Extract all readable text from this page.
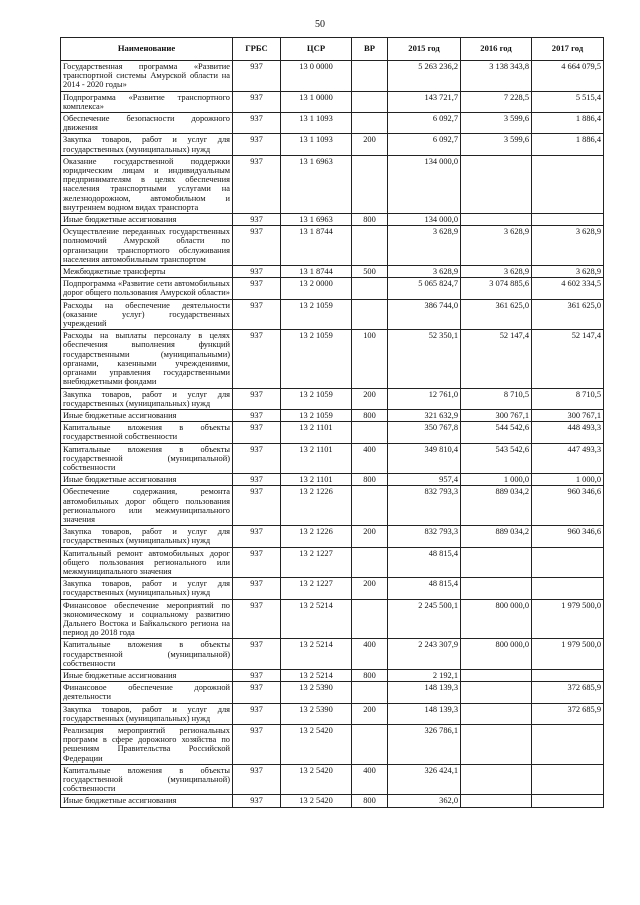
50
Наименование	ГРБС	ЦСР	ВР	2015 год	2016 год	2017 год
Государственная программа «Развитие транспортной системы Амурской области на 2014 - 2020 годы»	937	13 0 0000		5 263 236,2	3 138 343,8	4 664 079,5
Подпрограмма «Развитие транспортного комплекса»	937	13 1 0000		143 721,7	7 228,5	5 515,4
Обеспечение безопасности дорожного движения	937	13 1 1093		6 092,7	3 599,6	1 886,4
Закупка товаров, работ и услуг для государственных (муниципальных) нужд	937	13 1 1093	200	6 092,7	3 599,6	1 886,4
Оказание государственной поддержки юридическим лицам и индивидуальным предпринимателям в целях обеспечения населения транспортными услугами на железнодорожном, автомобильном и внутреннем водном видах транспорта	937	13 1 6963		134 000,0		
Иные бюджетные ассигнования	937	13 1 6963	800	134 000,0		
Осуществление переданных государственных полномочий Амурской области по организации транспортного обслуживания населения автомобильным транспортом	937	13 1 8744		3 628,9	3 628,9	3 628,9
Межбюджетные трансферты	937	13 1 8744	500	3 628,9	3 628,9	3 628,9
Подпрограмма «Развитие сети автомобильных дорог общего пользования Амурской области»	937	13 2 0000		5 065 824,7	3 074 885,6	4 602 334,5
Расходы на обеспечение деятельности (оказание услуг) государственных учреждений	937	13 2 1059		386 744,0	361 625,0	361 625,0
Расходы на выплаты персоналу в целях обеспечения выполнения функций государственными (муниципальными) органами, казенными учреждениями, органами управления государственными внебюджетными фондами	937	13 2 1059	100	52 350,1	52 147,4	52 147,4
Закупка товаров, работ и услуг для государственных (муниципальных) нужд	937	13 2 1059	200	12 761,0	8 710,5	8 710,5
Иные бюджетные ассигнования	937	13 2 1059	800	321 632,9	300 767,1	300 767,1
Капитальные вложения в объекты государственной собственности	937	13 2 1101		350 767,8	544 542,6	448 493,3
Капитальные вложения в объекты государственной (муниципальной) собственности	937	13 2 1101	400	349 810,4	543 542,6	447 493,3
Иные бюджетные ассигнования	937	13 2 1101	800	957,4	1 000,0	1 000,0
Обеспечение содержания, ремонта автомобильных дорог общего пользования регионального или межмуниципального значения	937	13 2 1226		832 793,3	889 034,2	960 346,6
Закупка товаров, работ и услуг для государственных (муниципальных) нужд	937	13 2 1226	200	832 793,3	889 034,2	960 346,6
Капитальный ремонт автомобильных дорог общего пользования регионального или межмуниципального значения	937	13 2 1227		48 815,4		
Закупка товаров, работ и услуг для государственных (муниципальных) нужд	937	13 2 1227	200	48 815,4		
Финансовое обеспечение мероприятий по экономическому и социальному развитию Дальнего Востока и Байкальского региона на период до 2018 года	937	13 2 5214		2 245 500,1	800 000,0	1 979 500,0
Капитальные вложения в объекты государственной (муниципальной) собственности	937	13 2 5214	400	2 243 307,9	800 000,0	1 979 500,0
Иные бюджетные ассигнования	937	13 2 5214	800	2 192,1		
Финансовое обеспечение дорожной деятельности	937	13 2 5390		148 139,3		372 685,9
Закупка товаров, работ и услуг для государственных (муниципальных) нужд	937	13 2 5390	200	148 139,3		372 685,9
Реализация мероприятий региональных программ в сфере дорожного хозяйства по решениям Правительства Российской Федерации	937	13 2 5420		326 786,1		
Капитальные вложения в объекты государственной (муниципальной) собственности	937	13 2 5420	400	326 424,1		
Иные бюджетные ассигнования	937	13 2 5420	800	362,0		
